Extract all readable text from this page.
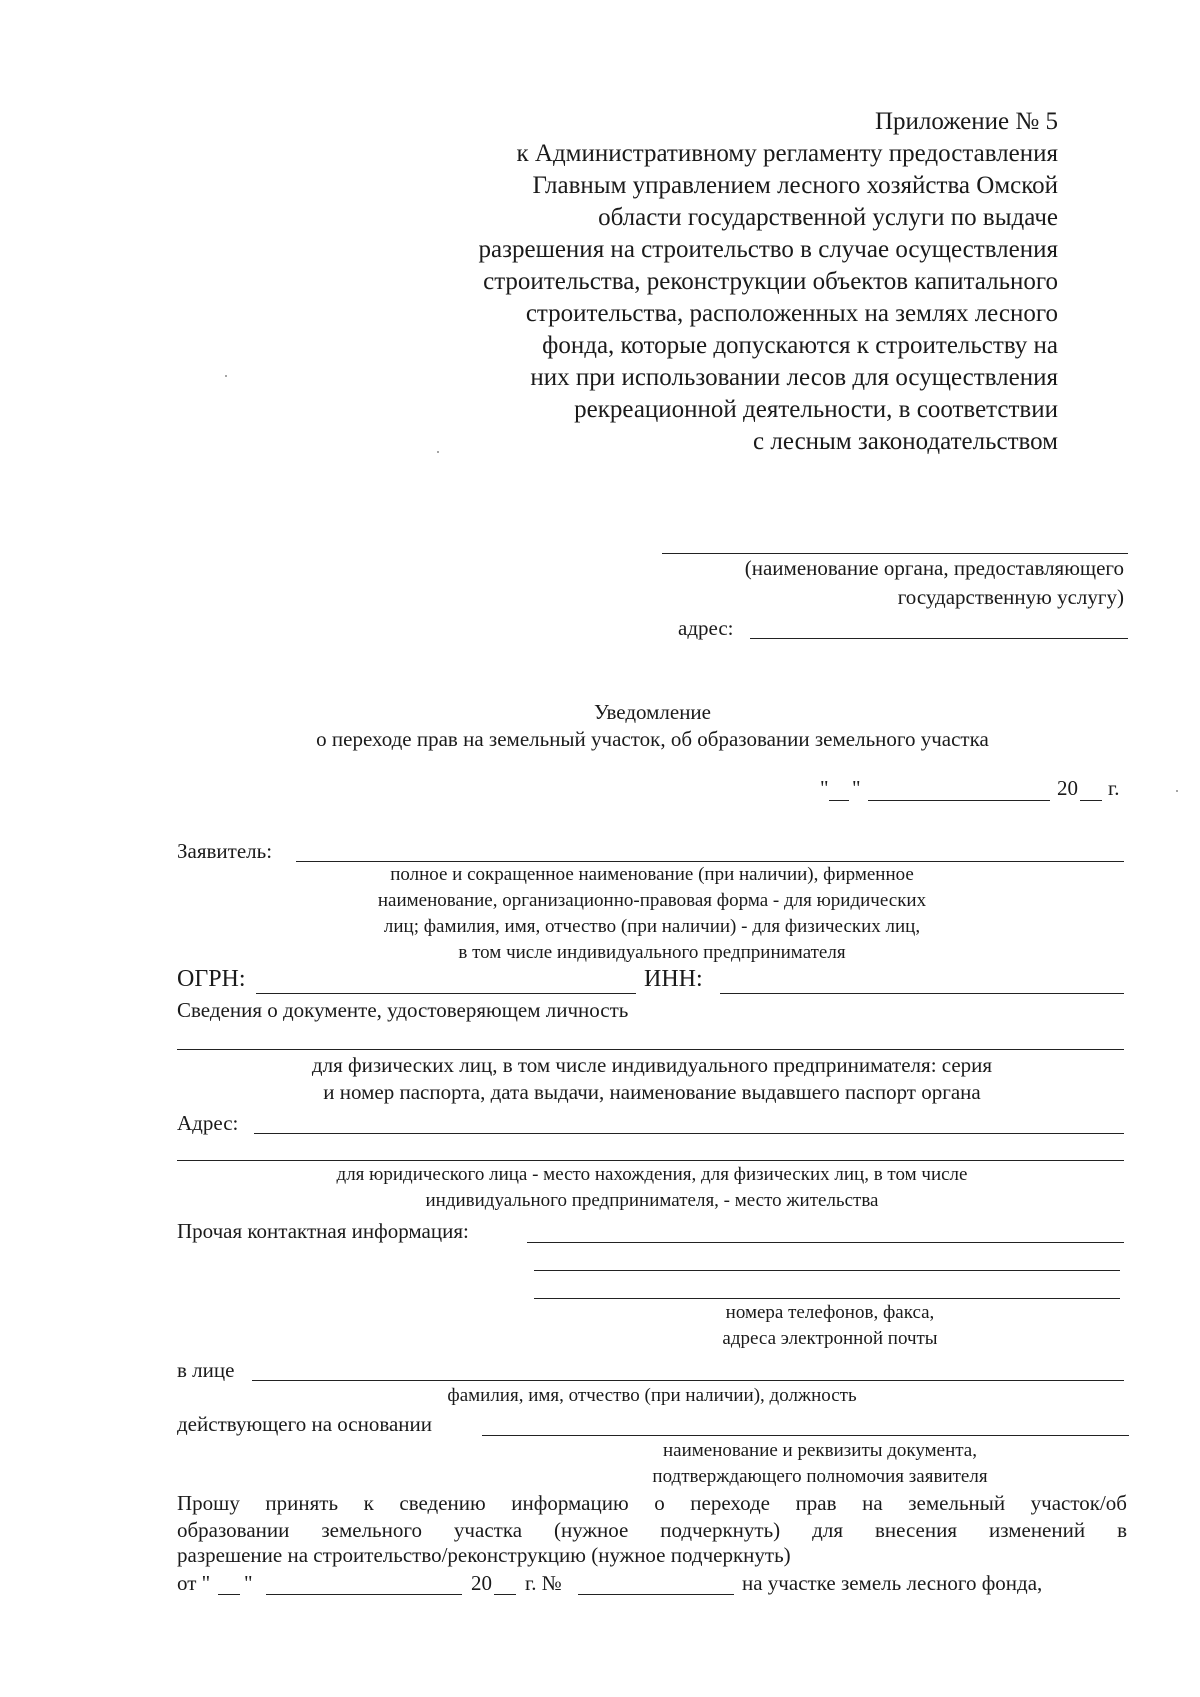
Приложение № 5
к Административному регламенту предоставления
Главным управлением лесного хозяйства Омской
области государственной услуги по выдаче
разрешения на строительство в случае осуществления
строительства, реконструкции объектов капитального
строительства, расположенных на землях лесного
фонда, которые допускаются к строительству на
них при использовании лесов для осуществления
рекреационной деятельности, в соответствии
с лесным законодательством
(наименование органа, предоставляющего
государственную услугу)
адрес:
Уведомление
о переходе прав на земельный участок, об образовании земельного участка
" "	20 г.
Заявитель:
полное и сокращенное наименование (при наличии), фирменное
наименование, организационно-правовая форма - для юридических
лиц; фамилия, имя, отчество (при наличии) - для физических лиц,
в том числе индивидуального предпринимателя
ОГРН:	ИНН:
Сведения о документе, удостоверяющем личность
для физических лиц, в том числе индивидуального предпринимателя: серия
и номер паспорта, дата выдачи, наименование выдавшего паспорт органа
Адрес:
для юридического лица - место нахождения, для физических лиц, в том числе
индивидуального предпринимателя, - место жительства
Прочая контактная информация:
номера телефонов, факса,
адреса электронной почты
в лице
фамилия, имя, отчество (при наличии), должность
действующего на основании
наименование и реквизиты документа,
подтверждающего полномочия заявителя
Прошу принять к сведению информацию о переходе прав на земельный участок/об
образовании земельного участка (нужное подчеркнуть) для внесения изменений в
разрешение на строительство/реконструкцию (нужное подчеркнуть)
от " "	20 г. №	на участке земель лесного фонда,
